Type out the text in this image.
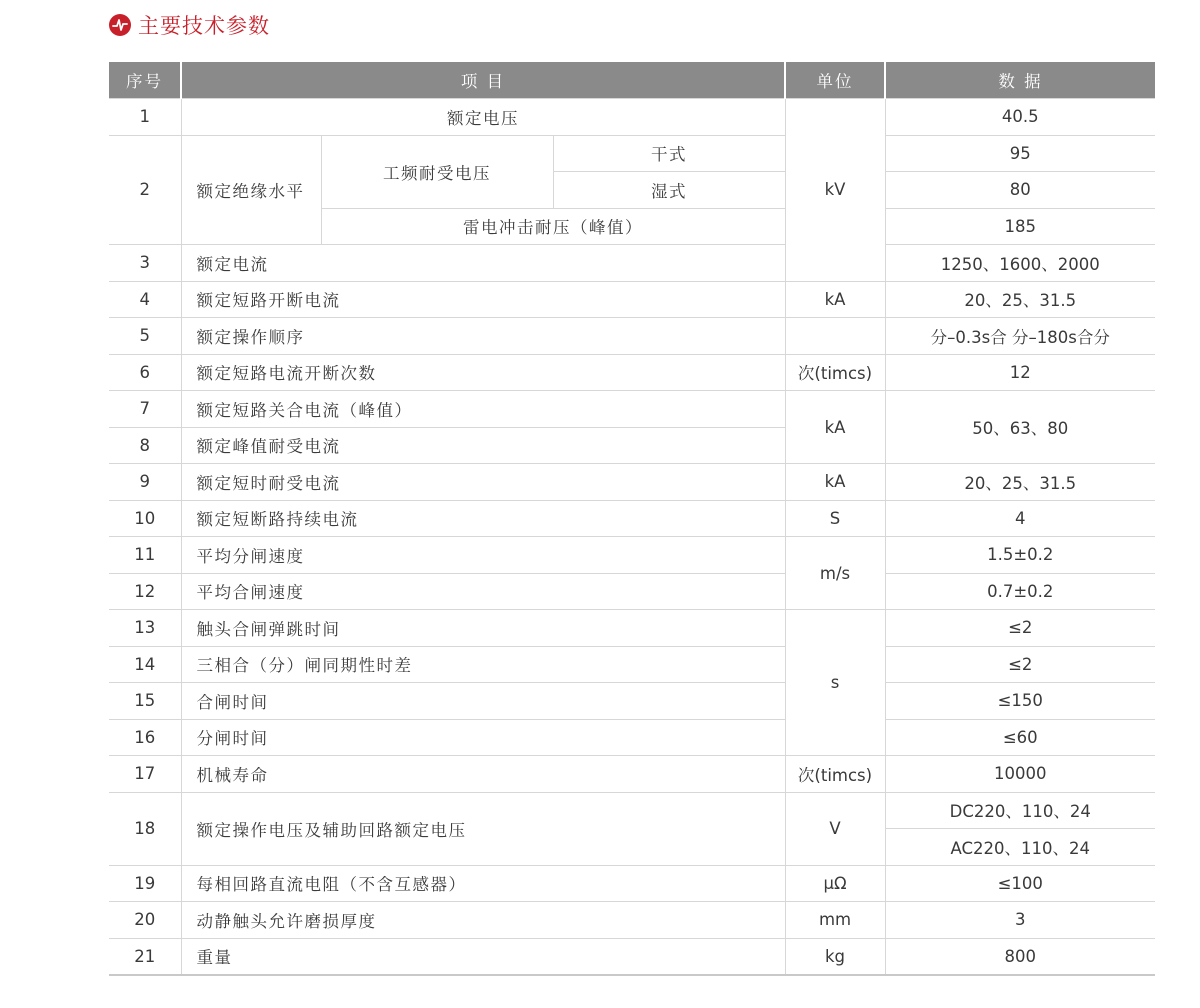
主要技术参数
序号	项 目			单位	数 据
1	额定电压			kV	40.5
2	额定绝缘水平	工频耐受电压	干式		95
			湿式		80
		雷电冲击耐压（峰值）			185
3	额定电流				1250、1600、2000
4	额定短路开断电流			kA	20、25、31.5
5	额定操作顺序				分–0.3s合 分–180s合分
6	额定短路电流开断次数			次(timcs)	12
7	额定短路关合电流（峰值）			kA	50、63、80
8	额定峰值耐受电流				
9	额定短时耐受电流			kA	20、25、31.5
10	额定短断路持续电流			S	4
11	平均分闸速度			m/s	1.5±0.2
12	平均合闸速度				0.7±0.2
13	触头合闸弹跳时间			s	≤2
14	三相合（分）闸同期性时差				≤2
15	合闸时间				≤150
16	分闸时间				≤60
17	机械寿命			次(timcs)	10000
18	额定操作电压及辅助回路额定电压			V	DC220、110、24
					AC220、110、24
19	每相回路直流电阻（不含互感器）			μΩ	≤100
20	动静触头允许磨损厚度			mm	3
21	重量			kg	800
